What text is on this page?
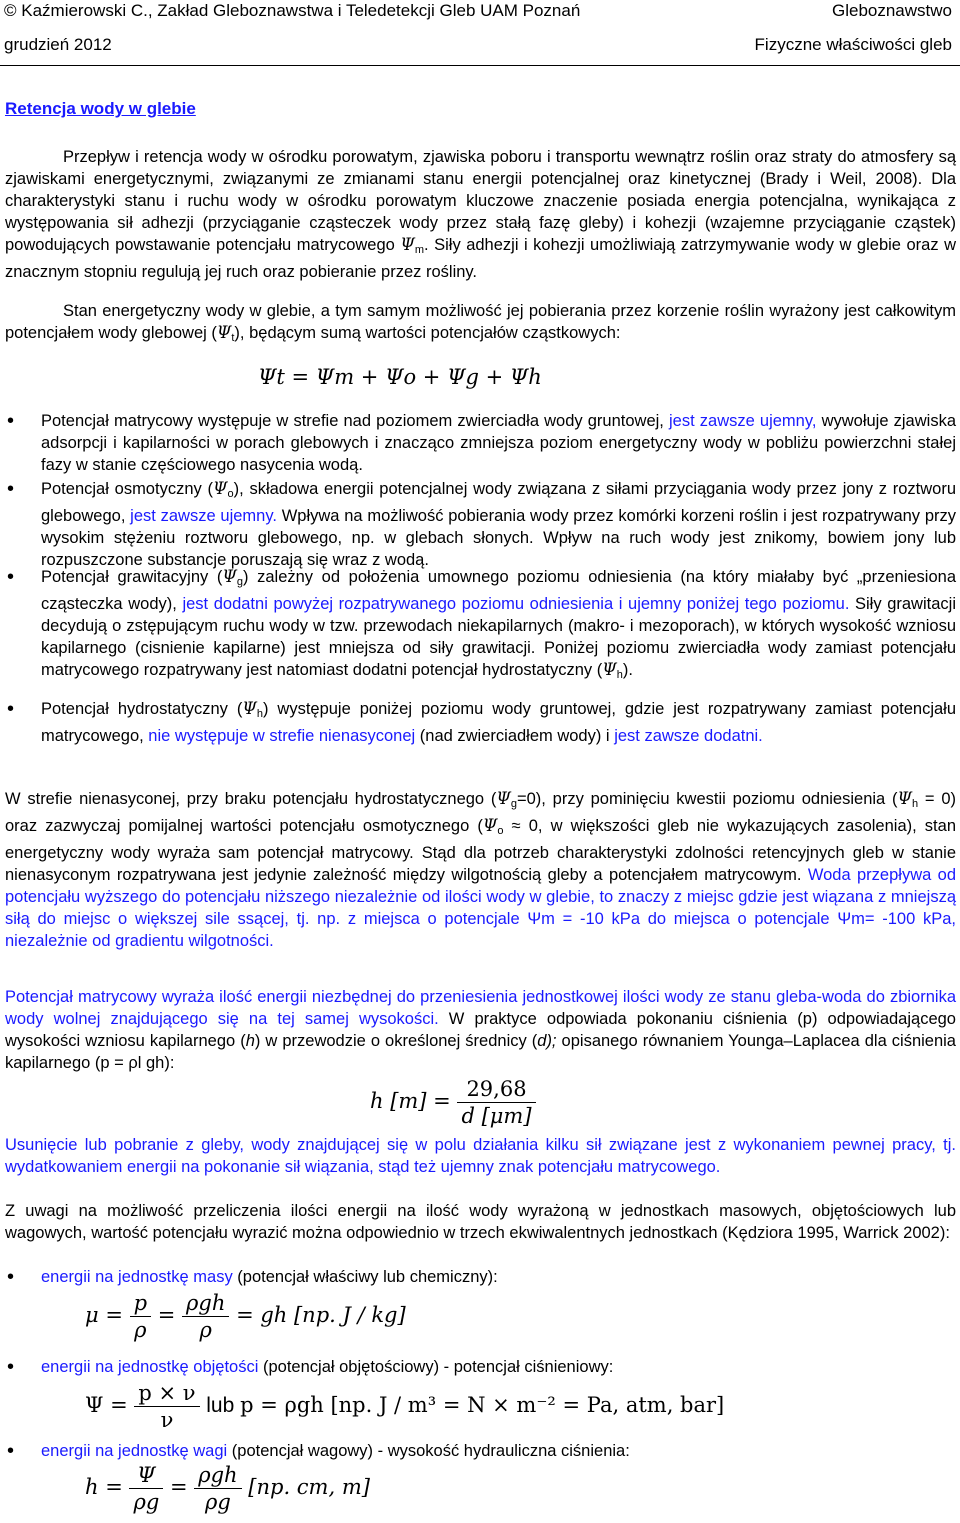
© Kaźmierowski C., Zakład Gleboznawstwa i Teledetekcji Gleb UAM Poznań	Gleboznawstwo
grudzień 2012	Fizyczne właściwości gleb
Retencja wody w glebie
Przepływ i retencja wody w ośrodku porowatym, zjawiska poboru i transportu wewnątrz roślin oraz straty do atmosfery są zjawiskami energetycznymi, związanymi ze zmianami stanu energii potencjalnej oraz kinetycznej (Brady i Weil, 2008). Dla charakterystyki stanu i ruchu wody w ośrodku porowatym kluczowe znaczenie posiada energia potencjalna, wynikająca z występowania sił adhezji (przyciąganie cząsteczek wody przez stałą fazę gleby) i kohezji (wzajemne przyciąganie cząstek) powodujących powstawanie potencjału matrycowego $\Psi_m$. Siły adhezji i kohezji umożliwiają zatrzymywanie wody w glebie oraz w znacznym stopniu regulują jej ruch oraz pobieranie przez rośliny.
Stan energetyczny wody w glebie, a tym samym możliwość jej pobierania przez korzenie roślin wyrażony jest całkowitym potencjałem wody glebowej $(\Psi_t)$, będącym sumą wartości potencjałów cząstkowych:
Ψt = Ψm + Ψo + Ψg + Ψh
• Potencjał matrycowy występuje w strefie nad poziomem zwierciadła wody gruntowej, jest zawsze ujemny, wywołuje zjawiska adsorpcji i kapilarności w porach glebowych i znacząco zmniejsza poziom energetyczny wody w pobliżu powierzchni stałej fazy w stanie częściowego nasycenia wodą.
• Potencjał osmotyczny $(\Psi_o)$, składowa energii potencjalnej wody związana z siłami przyciągania wody przez jony z roztworu glebowego, jest zawsze ujemny. Wpływa na możliwość pobierania wody przez komórki korzeni roślin i jest rozpatrywany przy wysokim stężeniu roztworu glebowego, np. w glebach słonych. Wpływ na ruch wody jest znikomy, bowiem jony lub rozpuszczone substancje poruszają się wraz z wodą.
• Potencjał grawitacyjny $(\Psi_g)$ zależny od położenia umownego poziomu odniesienia (na który miałaby być „przeniesiona cząsteczka wody), jest dodatni powyżej rozpatrywanego poziomu odniesienia i ujemny poniżej tego poziomu. Siły grawitacji decydują o zstępującym ruchu wody w tzw. przewodach niekapilarnych (makro- i mezoporach), w których wysokość wzniosu kapilarnego (cisnienie kapilarne) jest mniejsza od siły grawitacji. Poniżej poziomu zwierciadła wody zamiast potencjału matrycowego rozpatrywany jest natomiast dodatni potencjał hydrostatyczny $(\Psi_h)$.
• Potencjał hydrostatyczny $(\Psi_h)$ występuje poniżej poziomu wody gruntowej, gdzie jest rozpatrywany zamiast potencjału matrycowego, nie występuje w strefie nienasyconej (nad zwierciadłem wody) i jest zawsze dodatni.
W strefie nienasyconej, przy braku potencjału hydrostatycznego $(\Psi_g=0)$, przy pominięciu kwestii poziomu odniesienia $(\Psi_h = 0)$ oraz zazwyczaj pomijalnej wartości potencjału osmotycznego ($\Psi_o \approx 0$, w większości gleb nie wykazujących zasolenia), stan energetyczny wody wyraża sam potencjał matrycowy. Stąd dla potrzeb charakterystyki zdolności retencyjnych gleb w stanie nienasyconym rozpatrywana jest jedynie zależność między wilgotnością gleby a potencjałem matrycowym. Woda przepływa od potencjału wyższego do potencjału niższego niezależnie od ilości wody w glebie, to znaczy z miejsc gdzie jest wiązana z mniejszą siłą do miejsc o większej sile ssącej, tj. np. z miejsca o potencjale Ψm = -10 kPa do miejsca o potencjale Ψm= -100 kPa, niezależnie od gradientu wilgotności.
Potencjał matrycowy wyraża ilość energii niezbędnej do przeniesienia jednostkowej ilości wody ze stanu gleba-woda do zbiornika wody wolnej znajdującego się na tej samej wysokości. W praktyce odpowiada pokonaniu ciśnienia (p) odpowiadającego wysokości wzniosu kapilarnego (h) w przewodzie o określonej średnicy (d); opisanego równaniem Younga–Laplacea dla ciśnienia kapilarnego (p = ρl gh):
h $[m] = \frac{29,68}{d [\mu m]}$
Usunięcie lub pobranie z gleby, wody znajdującej się w polu działania kilku sił związane jest z wykonaniem pewnej pracy, tj. wydatkowaniem energii na pokonanie sił wiązania, stąd też ujemny znak potencjału matrycowego.
Z uwagi na możliwość przeliczenia ilości energii na ilość wody wyrażoną w jednostkach masowych, objętościowych lub wagowych, wartość potencjału wyrazić można odpowiednio w trzech ekwiwalentnych jednostkach (Kędziora 1995, Warrick 2002):
• energii na jednostkę masy (potencjał właściwy lub chemiczny):
$\mu = \frac{p}{\rho} = \frac{\text{ρgh}}{\rho}$ = gh [np. J / kg]
• energii na jednostkę objętości (potencjał objętościowy) - potencjał ciśnieniowy:
$\Psi = \frac{p \times \nu}{\nu}$ lub p = ρgh [np. J / m³ = N × m⁻² = Pa, atm, bar]
• energii na jednostkę wagi (potencjał wagowy) - wysokość hydrauliczna ciśnienia:
$h = \frac{\Psi}{\rho g} = \frac{\text{ρgh}}{\rho g} [np$. cm, m]
